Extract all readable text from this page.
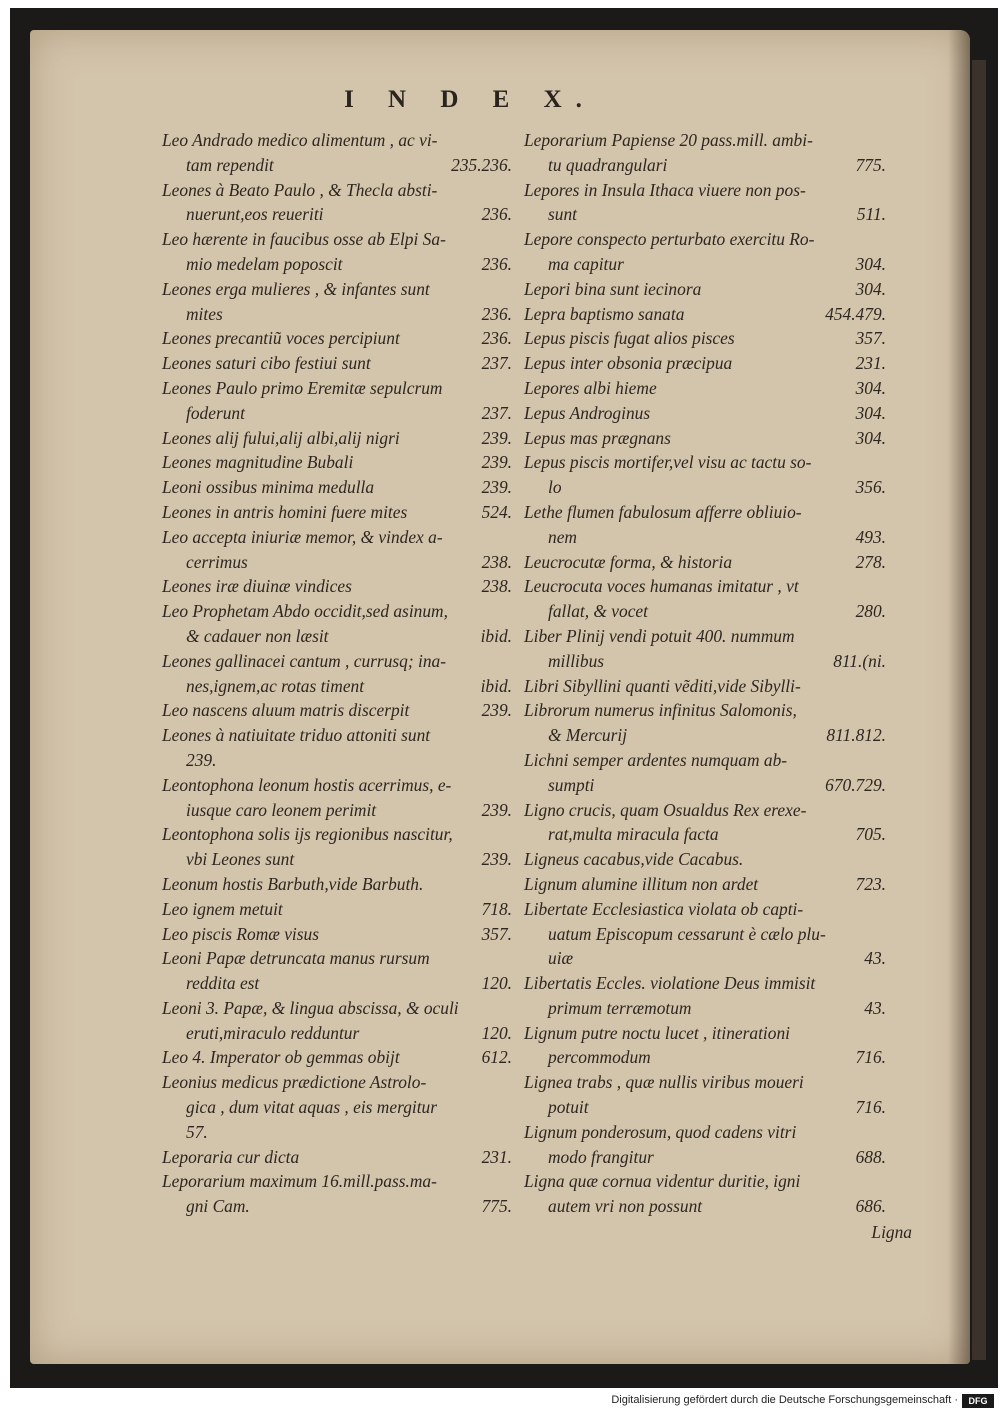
I N D E X.
Leo Andrado medico alimentum , ac vi-
tam rependit	235.236.
Leones à Beato Paulo , & Thecla absti-
nuerunt,eos reueriti	236.
Leo hærente in faucibus osse ab Elpi Sa-
mio medelam poposcit	236.
Leones erga mulieres , & infantes sunt
mites	236.
Leones precantiũ voces percipiunt	236.
Leones saturi cibo festiui sunt	237.
Leones Paulo primo Eremitæ sepulcrum
foderunt	237.
Leones alij fului,alij albi,alij nigri	239.
Leones magnitudine Bubali	239.
Leoni ossibus minima medulla	239.
Leones in antris homini fuere mites	524.
Leo accepta iniuriæ memor, & vindex a-
cerrimus	238.
Leones iræ diuinæ vindices	238.
Leo Prophetam Abdo occidit,sed asinum,
& cadauer non læsit	ibid.
Leones gallinacei cantum , currusq; ina-
nes,ignem,ac rotas timent	ibid.
Leo nascens aluum matris discerpit	239.
Leones à natiuitate triduo attoniti sunt
239.
Leontophona leonum hostis acerrimus, e-
iusque caro leonem perimit	239.
Leontophona solis ijs regionibus nascitur,
vbi Leones sunt	239.
Leonum hostis Barbuth,vide Barbuth.
Leo ignem metuit	718.
Leo piscis Romæ visus	357.
Leoni Papæ detruncata manus rursum
reddita est	120.
Leoni 3. Papæ, & lingua abscissa, & oculi
eruti,miraculo redduntur	120.
Leo 4. Imperator ob gemmas obijt	612.
Leonius medicus prædictione Astrolo-
gica , dum vitat aquas , eis mergitur
57.
Leporaria cur dicta	231.
Leporarium maximum 16.mill.pass.ma-
gni Cam.	775.
Leporarium Papiense 20 pass.mill. ambi-
tu quadrangulari	775.
Lepores in Insula Ithaca viuere non pos-
sunt	511.
Lepore conspecto perturbato exercitu Ro-
ma capitur	304.
Lepori bina sunt iecinora	304.
Lepra baptismo sanata	454.479.
Lepus piscis fugat alios pisces	357.
Lepus inter obsonia præcipua	231.
Lepores albi hieme	304.
Lepus Androginus	304.
Lepus mas prægnans	304.
Lepus piscis mortifer,vel visu ac tactu so-
lo	356.
Lethe flumen fabulosum afferre obliuio-
nem	493.
Leucrocutæ forma, & historia	278.
Leucrocuta voces humanas imitatur , vt
fallat, & vocet	280.
Liber Plinij vendi potuit 400. nummum
millibus	811.(ni.
Libri Sibyllini quanti vẽditi,vide Sibylli-
Librorum numerus infinitus Salomonis,
& Mercurij	811.812.
Lichni semper ardentes numquam ab-
sumpti	670.729.
Ligno crucis, quam Osualdus Rex erexe-
rat,multa miracula facta	705.
Ligneus cacabus,vide Cacabus.
Lignum alumine illitum non ardet	723.
Libertate Ecclesiastica violata ob capti-
uatum Episcopum cessarunt è cælo plu-
uiæ	43.
Libertatis Eccles. violatione Deus immisit
primum terræmotum	43.
Lignum putre noctu lucet , itinerationi
percommodum	716.
Lignea trabs , quæ nullis viribus moueri
potuit	716.
Lignum ponderosum, quod cadens vitri
modo frangitur	688.
Ligna quæ cornua videntur duritie, igni
autem vri non possunt	686.
Ligna
Digitalisierung gefördert durch die Deutsche Forschungsgemeinschaft ·	DFG
